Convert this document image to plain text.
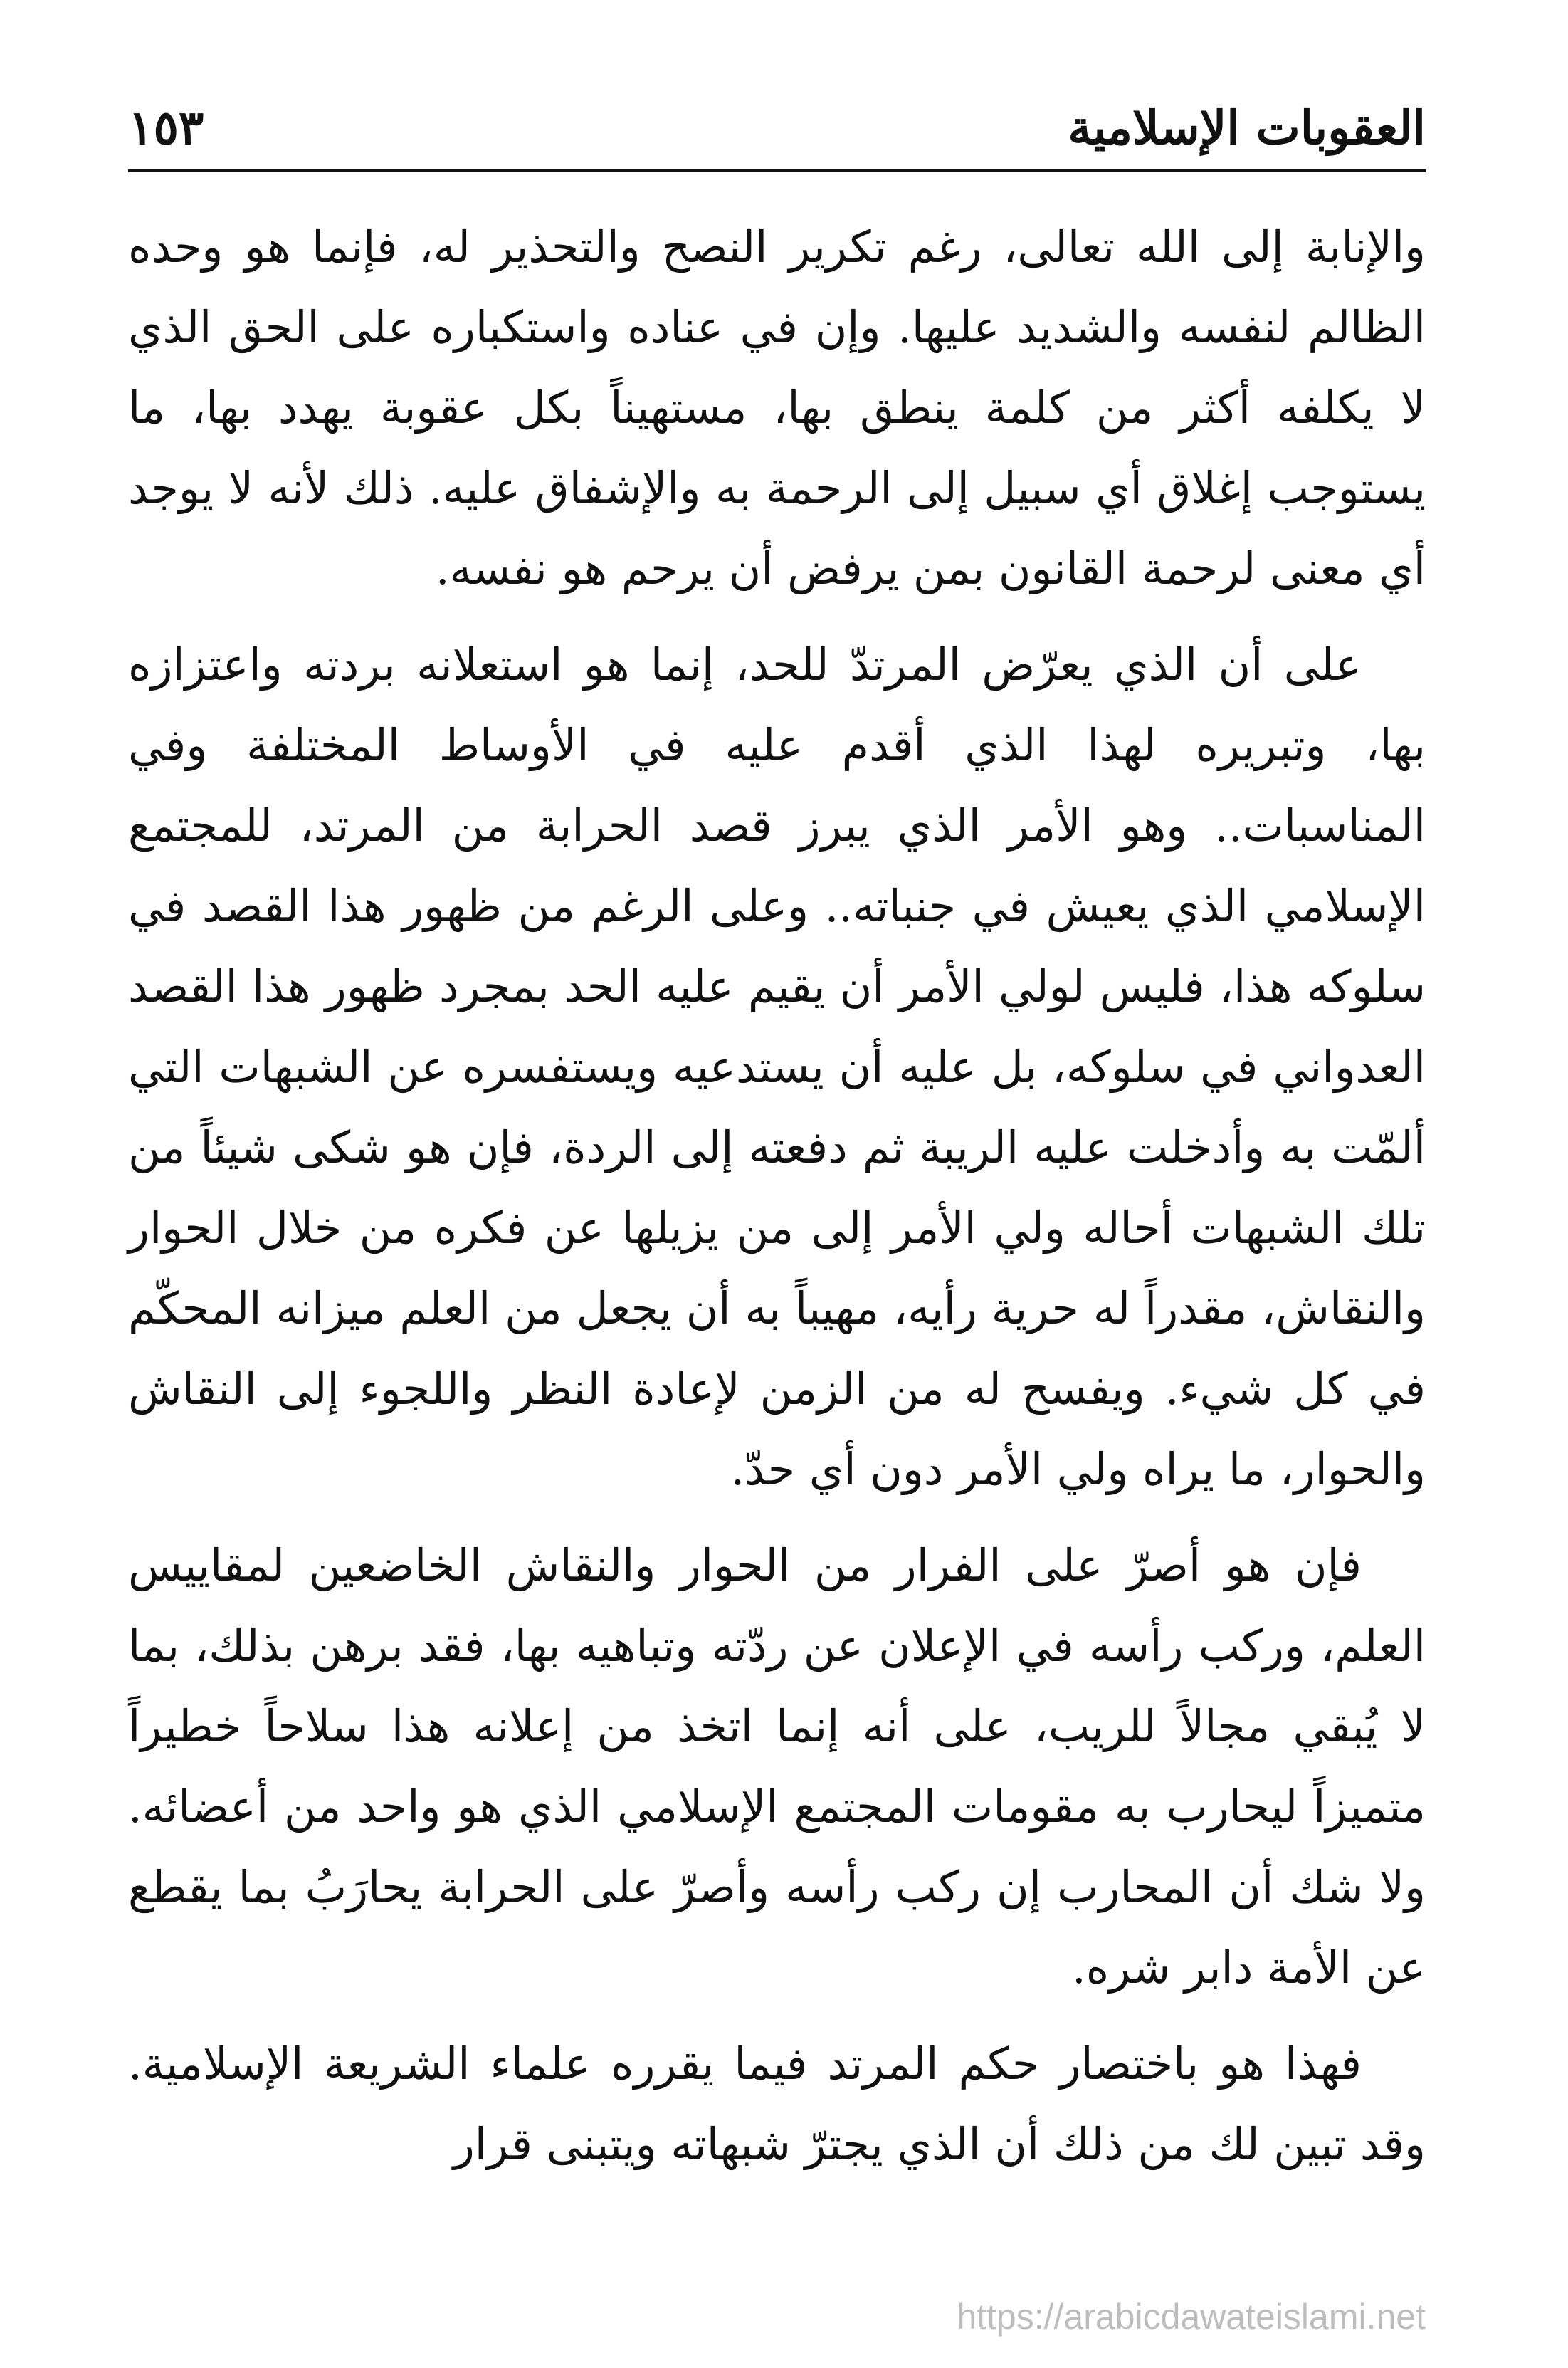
العقوبات الإسلامية
١٥٣

والإنابة إلى الله تعالى، رغم تكرير النصح والتحذير له، فإنما هو وحده الظالم لنفسه والشديد عليها. وإن في عناده واستكباره على الحق الذي لا يكلفه أكثر من كلمة ينطق بها، مستهيناً بكل عقوبة يهدد بها، ما يستوجب إغلاق أي سبيل إلى الرحمة به والإشفاق عليه. ذلك لأنه لا يوجد أي معنى لرحمة القانون بمن يرفض أن يرحم هو نفسه.

على أن الذي يعرّض المرتدّ للحد، إنما هو استعلانه بردته واعتزازه بها، وتبريره لهذا الذي أقدم عليه في الأوساط المختلفة وفي المناسبات.. وهو الأمر الذي يبرز قصد الحرابة من المرتد، للمجتمع الإسلامي الذي يعيش في جنباته.. وعلى الرغم من ظهور هذا القصد في سلوكه هذا، فليس لولي الأمر أن يقيم عليه الحد بمجرد ظهور هذا القصد العدواني في سلوكه، بل عليه أن يستدعيه ويستفسره عن الشبهات التي ألمّت به وأدخلت عليه الريبة ثم دفعته إلى الردة، فإن هو شكى شيئاً من تلك الشبهات أحاله ولي الأمر إلى من يزيلها عن فكره من خلال الحوار والنقاش، مقدراً له حرية رأيه، مهيباً به أن يجعل من العلم ميزانه المحكّم في كل شيء. ويفسح له من الزمن لإعادة النظر واللجوء إلى النقاش والحوار، ما يراه ولي الأمر دون أي حدّ.

فإن هو أصرّ على الفرار من الحوار والنقاش الخاضعين لمقاييس العلم، وركب رأسه في الإعلان عن ردّته وتباهيه بها، فقد برهن بذلك، بما لا يُبقي مجالاً للريب، على أنه إنما اتخذ من إعلانه هذا سلاحاً خطيراً متميزاً ليحارب به مقومات المجتمع الإسلامي الذي هو واحد من أعضائه. ولا شك أن المحارب إن ركب رأسه وأصرّ على الحرابة يحارَبُ بما يقطع عن الأمة دابر شره.

فهذا هو باختصار حكم المرتد فيما يقرره علماء الشريعة الإسلامية. وقد تبين لك من ذلك أن الذي يجترّ شبهاته ويتبنى قرار

https://arabicdawateislami.net
